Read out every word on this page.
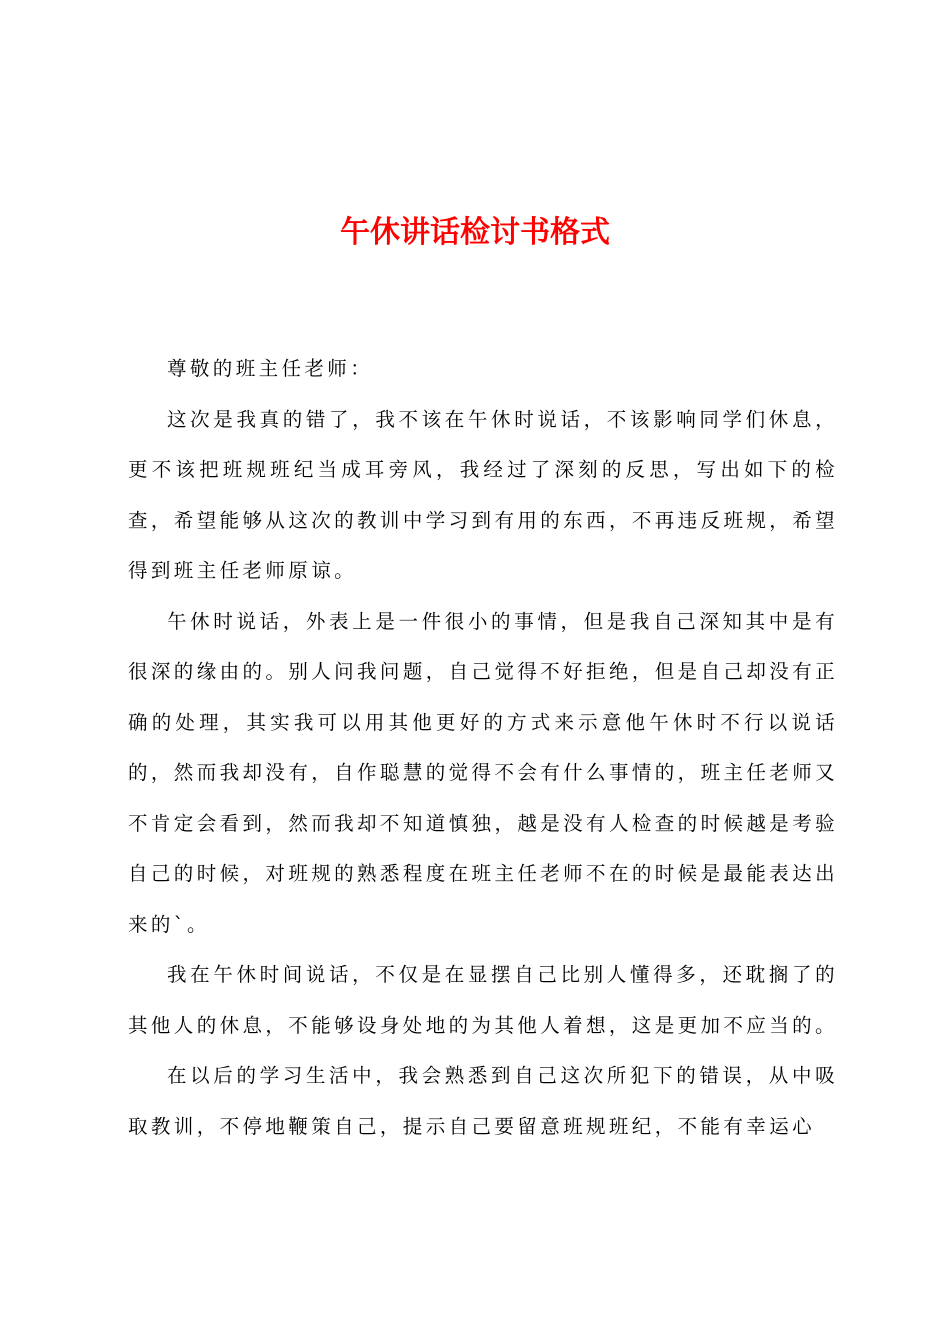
午休讲话检讨书格式

尊敬的班主任老师：

这次是我真的错了，我不该在午休时说话，不该影响同学们休息，更不该把班规班纪当成耳旁风，我经过了深刻的反思，写出如下的检查，希望能够从这次的教训中学习到有用的东西，不再违反班规，希望得到班主任老师原谅。

午休时说话，外表上是一件很小的事情，但是我自己深知其中是有很深的缘由的。别人问我问题，自己觉得不好拒绝，但是自己却没有正确的处理，其实我可以用其他更好的方式来示意他午休时不行以说话的，然而我却没有，自作聪慧的觉得不会有什么事情的，班主任老师又不肯定会看到，然而我却不知道慎独，越是没有人检查的时候越是考验自己的时候，对班规的熟悉程度在班主任老师不在的时候是最能表达出来的`。

我在午休时间说话，不仅是在显摆自己比别人懂得多，还耽搁了的其他人的休息，不能够设身处地的为其他人着想，这是更加不应当的。

在以后的学习生活中，我会熟悉到自己这次所犯下的错误，从中吸取教训，不停地鞭策自己，提示自己要留意班规班纪，不能有幸运心
